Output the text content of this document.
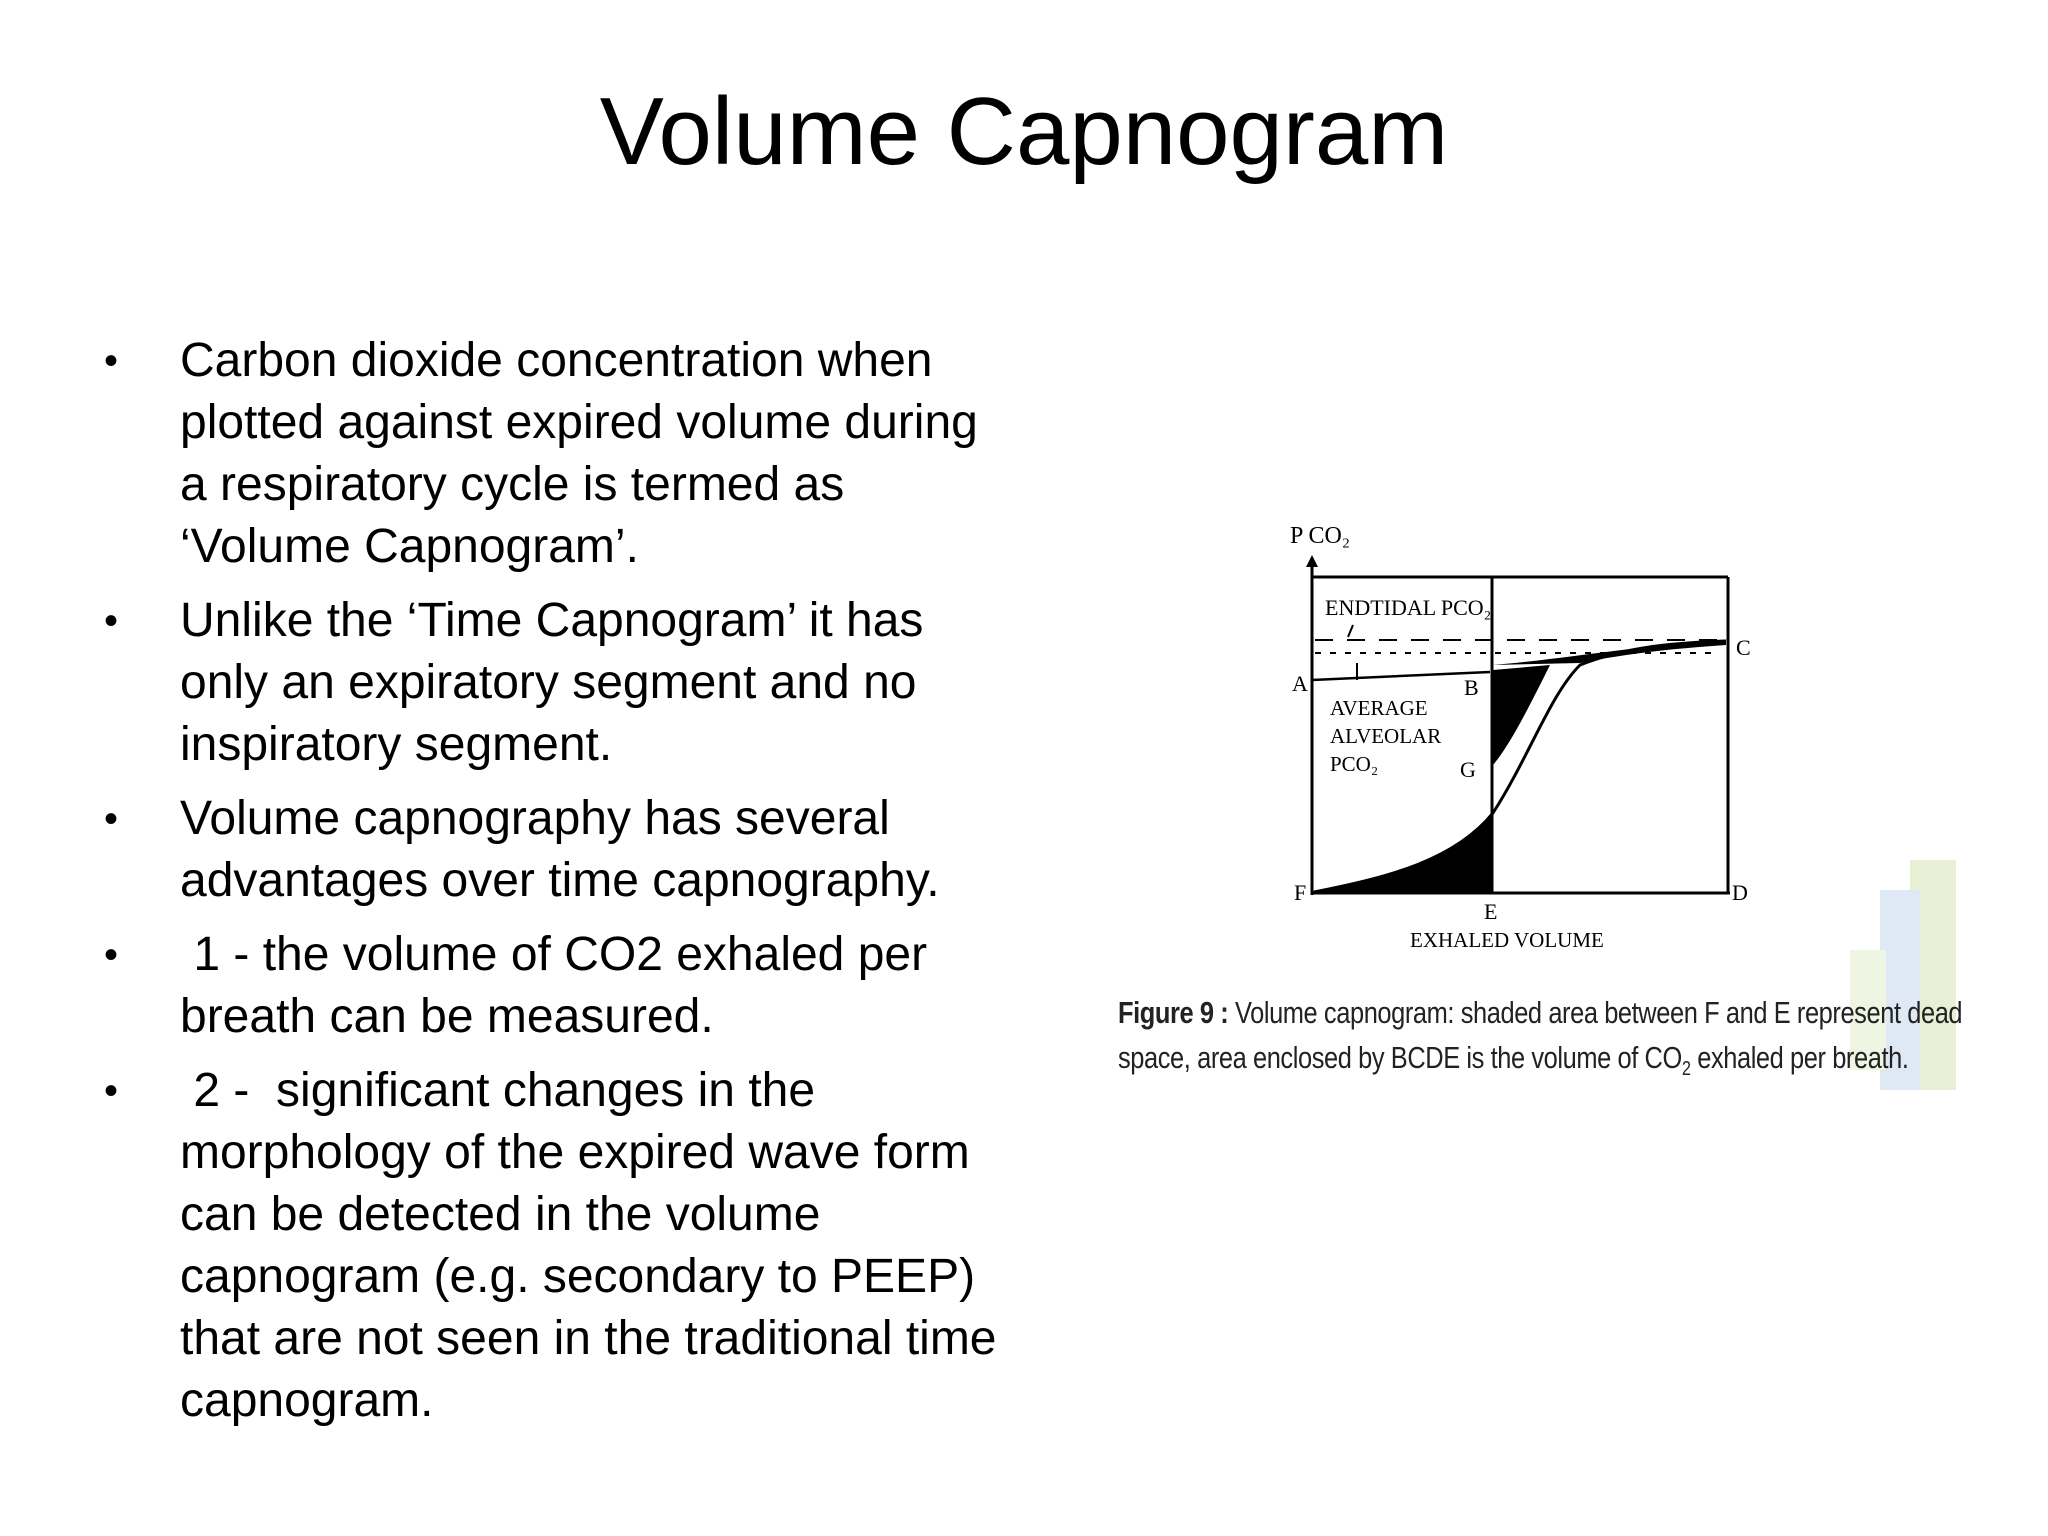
Volume Capnogram
• Carbon dioxide concentration when plotted against expired volume during a respiratory cycle is termed as ‘Volume Capnogram’.
• Unlike the ‘Time Capnogram’ it has only an expiratory segment and no inspiratory segment.
• Volume capnography has several advantages over time capnography.
• 1 - the volume of CO2 exhaled per breath can be measured.
• 2 -  significant changes in the morphology of the expired wave form can be detected in the volume capnogram (e.g. secondary to PEEP) that are not seen in the traditional time capnogram.
P CO₂
ENDTIDAL PCO₂
AVERAGE
ALVEOLAR
PCO₂
A	B
C
D
E
F
G
EXHALED VOLUME
Figure 9 : Volume capnogram: shaded area between F and E represent dead
space, area enclosed by BCDE is the volume of $CO_2$ exhaled per breath.
